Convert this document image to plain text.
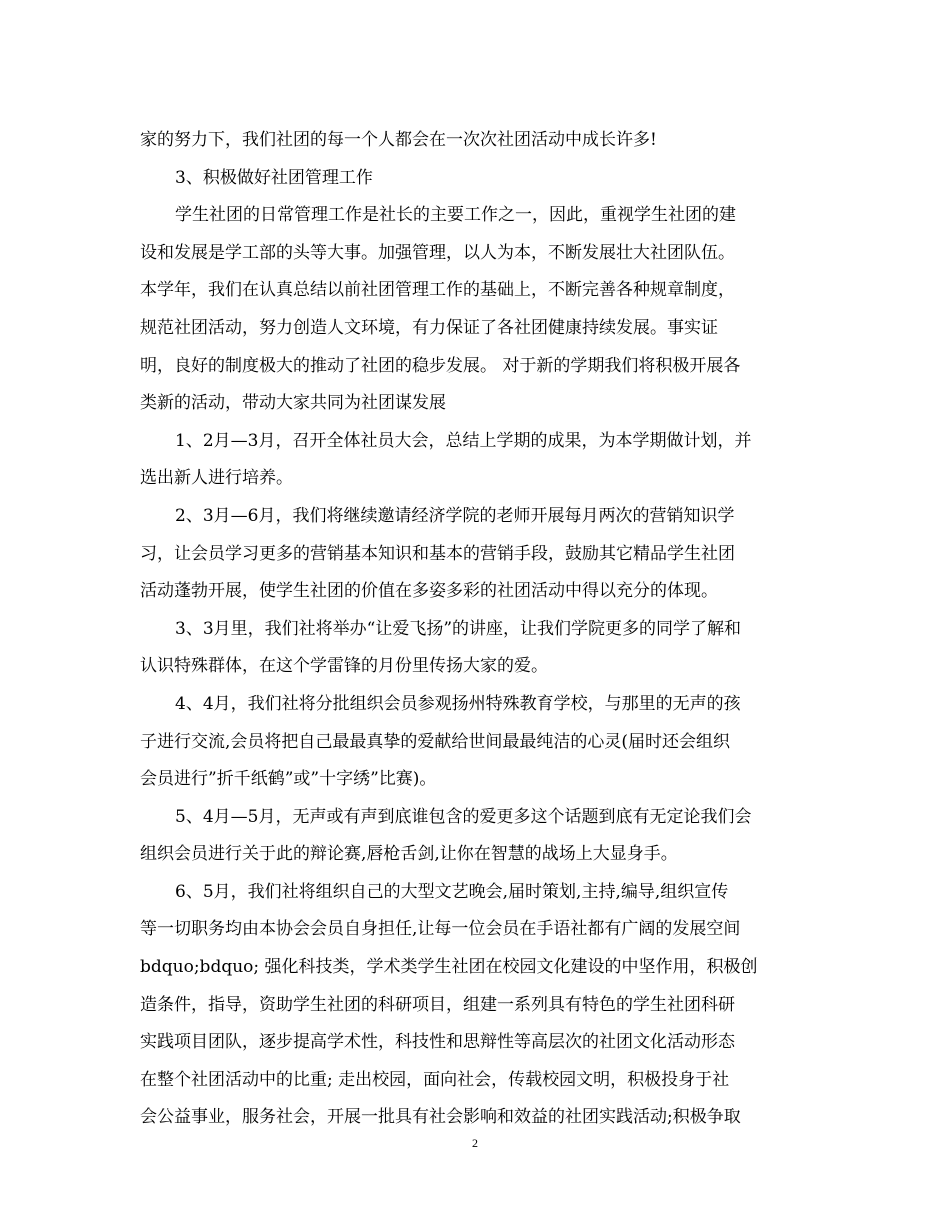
家的努力下，我们社团的每一个人都会在一次次社团活动中成长许多!
3、积极做好社团管理工作
学生社团的日常管理工作是社长的主要工作之一，因此，重视学生社团的建
设和发展是学工部的头等大事。加强管理，以人为本，不断发展壮大社团队伍。
本学年，我们在认真总结以前社团管理工作的基础上，不断完善各种规章制度，
规范社团活动，努力创造人文环境，有力保证了各社团健康持续发展。事实证
明，良好的制度极大的推动了社团的稳步发展。 对于新的学期我们将积极开展各
类新的活动，带动大家共同为社团谋发展
1、2月—3月，召开全体社员大会，总结上学期的成果，为本学期做计划，并
选出新人进行培养。
2、3月—6月，我们将继续邀请经济学院的老师开展每月两次的营销知识学
习，让会员学习更多的营销基本知识和基本的营销手段，鼓励其它精品学生社团
活动蓬勃开展，使学生社团的价值在多姿多彩的社团活动中得以充分的体现。
3、3月里，我们社将举办“让爱飞扬”的讲座，让我们学院更多的同学了解和
认识特殊群体，在这个学雷锋的月份里传扬大家的爱。
4、4月，我们社将分批组织会员参观扬州特殊教育学校，与那里的无声的孩
子进行交流,会员将把自己最最真挚的爱献给世间最最纯洁的心灵(届时还会组织
会员进行”折千纸鹤”或”十字绣”比赛)。
5、4月—5月，无声或有声到底谁包含的爱更多这个话题到底有无定论我们会
组织会员进行关于此的辩论赛,唇枪舌剑,让你在智慧的战场上大显身手。
6、5月，我们社将组织自己的大型文艺晚会,届时策划,主持,编导,组织宣传
等一切职务均由本协会会员自身担任,让每一位会员在手语社都有广阔的发展空间
bdquo;bdquo; 强化科技类，学术类学生社团在校园文化建设的中坚作用，积极创
造条件，指导，资助学生社团的科研项目，组建一系列具有特色的学生社团科研
实践项目团队，逐步提高学术性，科技性和思辩性等高层次的社团文化活动形态
在整个社团活动中的比重; 走出校园，面向社会，传载校园文明，积极投身于社
会公益事业，服务社会，开展一批具有社会影响和效益的社团实践活动;积极争取
2
